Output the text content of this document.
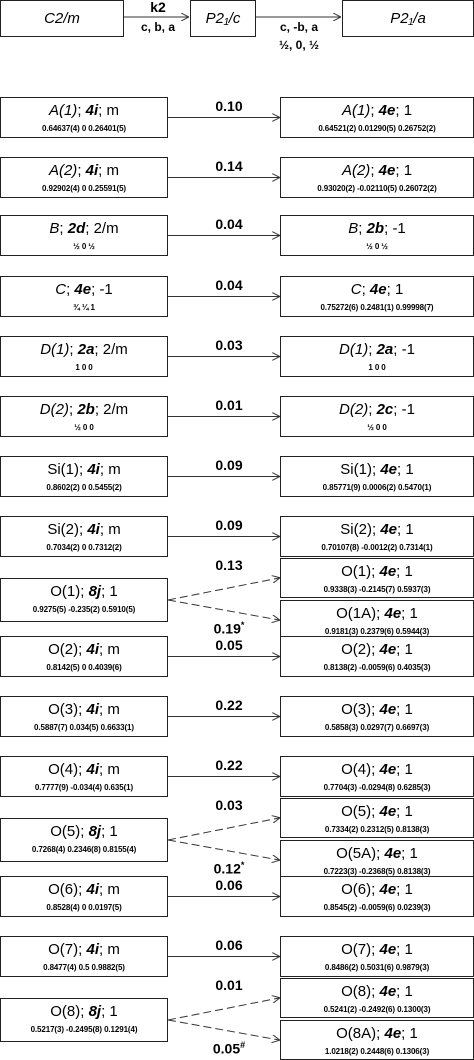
C2/m	P2₁/c	P2₁/a
k2
c, b, a	c, -b, a
½, 0, ½
A(1); 4i; m
0.64637(4) 0 0.26401(5)
A(1); 4e; 1
0.64521(2) 0.01290(5) 0.26752(2)
0.10
A(2); 4i; m
0.92902(4) 0 0.25591(5)
A(2); 4e; 1
0.93020(2) -0.02110(5) 0.26072(2)
0.14
B; 2d; 2/m
½ 0 ½
B; 2b; -1
½ 0 ½
0.04
C; 4e; -1
¾ ¼ 1
C; 4e; 1
0.75272(6) 0.2481(1) 0.99998(7)
0.04
D(1); 2a; 2/m
1 0 0
D(1); 2a; -1
1 0 0
0.03
D(2); 2b; 2/m
½ 0 0
D(2); 2c; -1
½ 0 0
0.01
Si(1); 4i; m
0.8602(2) 0 0.5455(2)
Si(1); 4e; 1
0.85771(9) 0.0006(2) 0.5470(1)
0.09
Si(2); 4i; m
0.7034(2) 0 0.7312(2)
Si(2); 4e; 1
0.70107(8) -0.0012(2) 0.7314(1)
0.09
O(1); 8j; 1
0.9275(5) -0.235(2) 0.5910(5)
O(1); 4e; 1
0.9338(3) -0.2145(7) 0.5937(3)
O(1A); 4e; 1
0.9181(3) 0.2379(6) 0.5944(3)
0.13
0.19*
O(2); 4i; m
0.8142(5) 0 0.4039(6)
O(2); 4e; 1
0.8138(2) -0.0059(6) 0.4035(3)
0.05
O(3); 4i; m
0.5887(7) 0.034(5) 0.6633(1)
O(3); 4e; 1
0.5858(3) 0.0297(7) 0.6697(3)
0.22
O(4); 4i; m
0.7777(9) -0.034(4) 0.635(1)
O(4); 4e; 1
0.7704(3) -0.0294(8) 0.6285(3)
0.22
O(5); 8j; 1
0.7268(4) 0.2346(8) 0.8155(4)
O(5); 4e; 1
0.7334(2) 0.2312(5) 0.8138(3)
O(5A); 4e; 1
0.7223(3) -0.2368(5) 0.8138(3)
0.03
0.12*
O(6); 4i; m
0.8528(4) 0 0.0197(5)
O(6); 4e; 1
0.8545(2) -0.0059(6) 0.0239(3)
0.06
O(7); 4i; m
0.8477(4) 0.5 0.9882(5)
O(7); 4e; 1
0.8486(2) 0.5031(6) 0.9879(3)
0.06
O(8); 8j; 1
0.5217(3) -0.2495(8) 0.1291(4)
O(8); 4e; 1
0.5241(2) -0.2492(6) 0.1300(3)
O(8A); 4e; 1
1.0218(2) 0.2448(6) 0.1306(3)
0.01
0.05#
